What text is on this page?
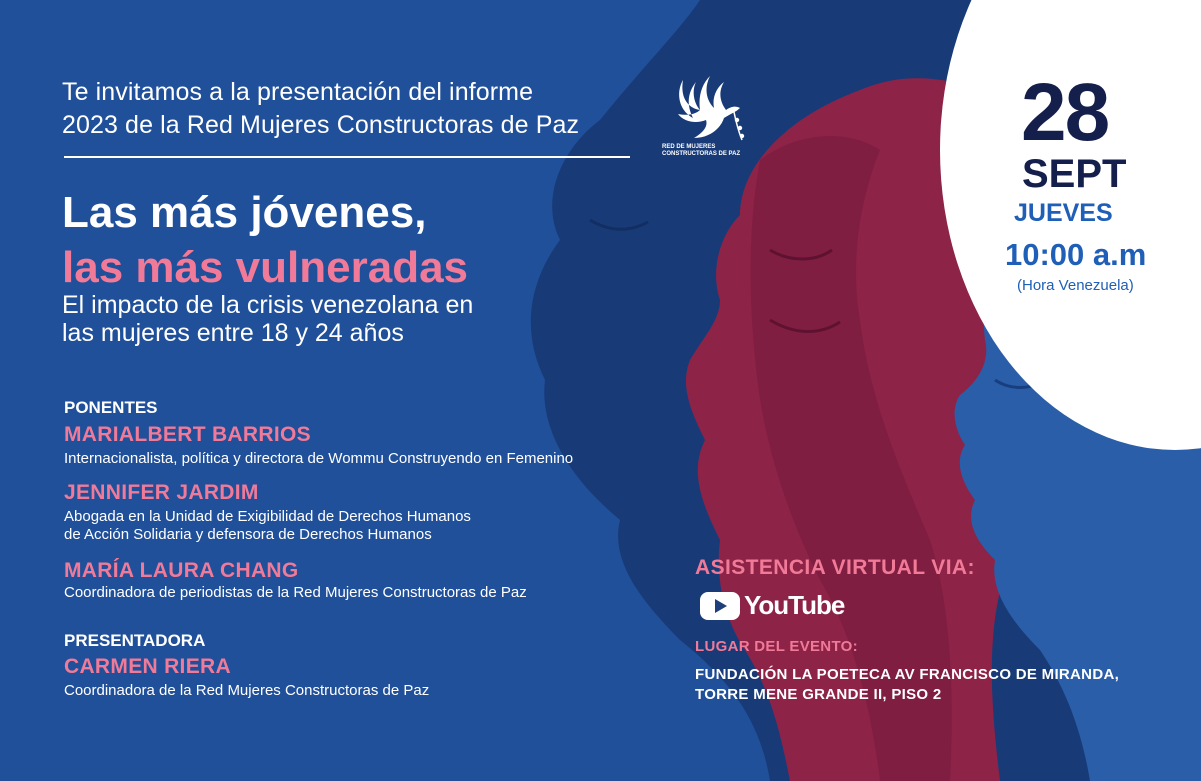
Te invitamos a la presentación del informe

2023 de la Red Mujeres Constructoras de Paz

RED DE MUJERES
CONSTRUCTORAS DE PAZ

Las más jóvenes,
las más vulneradas

El impacto de la crisis venezolana en

las mujeres entre 18 y 24 años

PONENTES

MARIALBERT BARRIOS

Internacionalista, política y directora de Wommu Construyendo en Femenino

JENNIFER JARDIM

Abogada en la Unidad de Exigibilidad de Derechos Humanos

de Acción Solidaria y defensora de Derechos Humanos

MARÍA LAURA CHANG

Coordinadora de periodistas de la Red Mujeres Constructoras de Paz

PRESENTADORA

CARMEN RIERA

Coordinadora de la Red Mujeres Constructoras de Paz

28

SEPT

JUEVES

10:00 a.m

(Hora Venezuela)

ASISTENCIA VIRTUAL VIA:

YouTube

LUGAR DEL EVENTO:

FUNDACIÓN LA POETECA AV FRANCISCO DE MIRANDA,

TORRE MENE GRANDE II, PISO 2
